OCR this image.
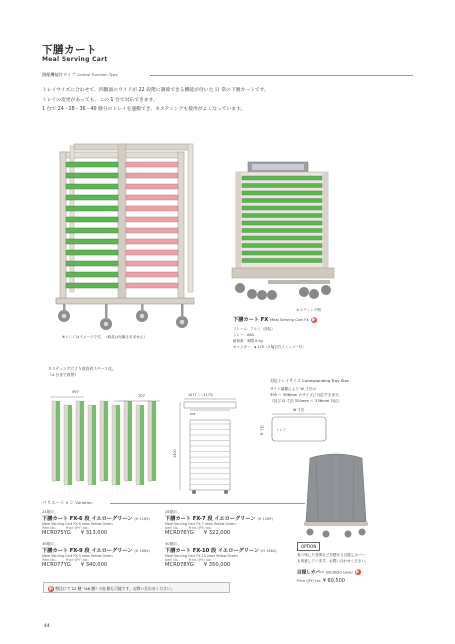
下膳カート
Meal Serving Cart
個配機能付タイプ Control Function Type
トレイサイズに合わせて、四隅面のワイドが 22 段階に調節できる機能が付いた 日 常の下膳カートです。
トレイの変更があっても、この 1 台で対応できます。
1 台で 24・28・36・40 膳分のトレイを運搬でき、ネスティングも使用がよくなっています。
※トレイはイメージです。（商品は付属されません）
ネスティング例
下膳カート FX Meal Serving Cart FX 新
フレーム：アルミ（塗装）
トレー：ABS
耐荷重：制限 8 kg
キャスター：φ 125（4 輪自在ストッパー付）
ネスティングにより収容省スペース化。
（4 台まで収納）
597
707	1077（～1173）
878
1300
対応トレイサイズ Corresponding Tray Size
サイド調節により W 寸法の
395 ～ 506mm のサイズに対応できます。
（及び D 寸法 320mm ～ 336mm 対応）
W 寸法
D 寸法	トレイ
バリエーション Variation
24膳用
下膳カート FX-6 段 イエローグリーン (H 1185)
Meal Serving Cart FX-6 rows Yellow Green
Item No.	Price (JPY) tax.
MCR075YG ¥ 313,000
28膳用
下膳カート FX-7 段 イエローグリーン (H 1269)
Meal Serving Cart FX-7 rows Yellow Green
Item No.	Price (JPY) tax.
MCR076YG ¥ 322,000
36膳用
下膳カート FX-9 段 イエローグリーン (H 1664)
Meal Serving Cart FX-9 rows Yellow Green
Item No.	Price (JPY) tax.
MCR077YG ¥ 340,000
40膳用
下膳カート FX-10 段 イエローグリーン (H 1664)
Meal Serving Cart FX-10 rows Yellow Green
Item No.	Price (JPY) tax.
MCR078YG ¥ 350,000
新 特注にて 12 膳（46 膳）の仕様も可能です。お問い合わせください。
OPTION
食べ残した食事などを隠せる目隠しカバー
も用意しています。お問い合わせください。
目隠しカバー Blindfold Cover 新
Price (JPY) tax. ¥ 60,500
44
